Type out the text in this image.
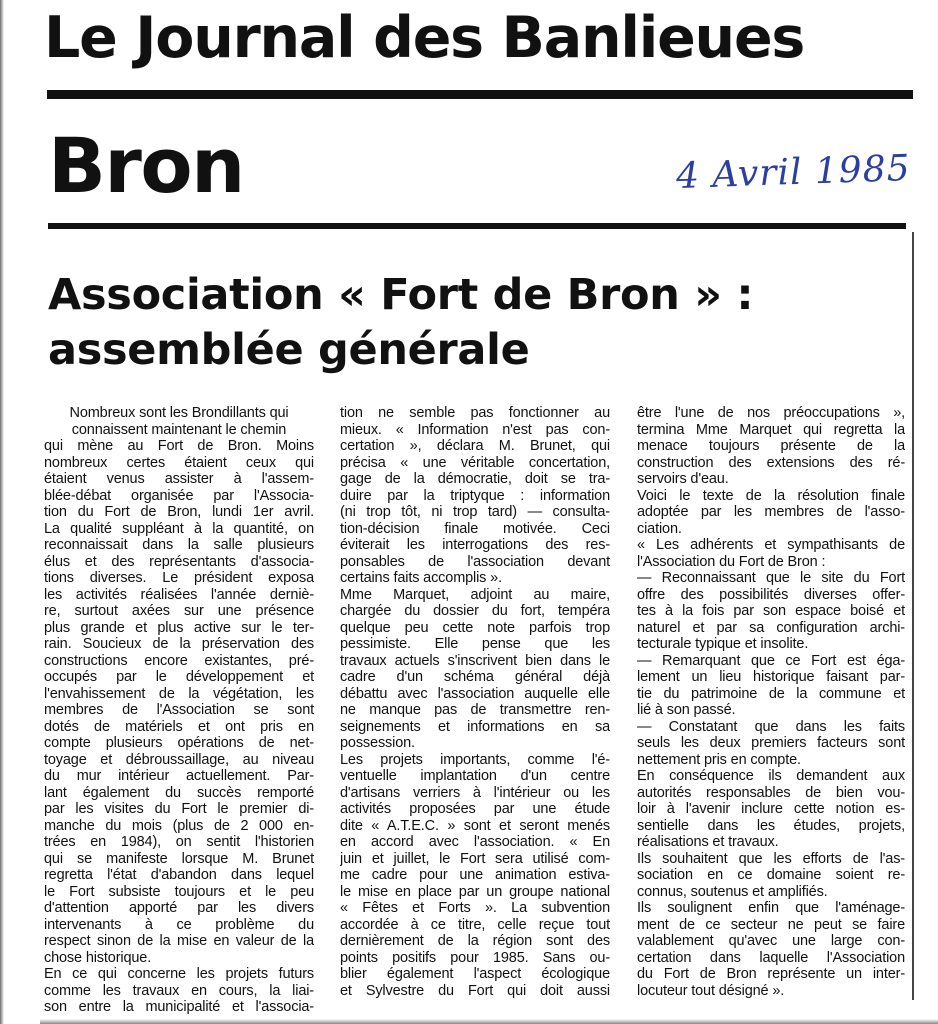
Le Journal des Banlieues
Bron	4 Avril 1985
Association « Fort de Bron » :
assemblée générale
Nombreux sont les Brondillants qui
connaissent maintenant le chemin
qui mène au Fort de Bron. Moins
nombreux certes étaient ceux qui
étaient venus assister à l'assem-
blée-débat organisée par l'Associa-
tion du Fort de Bron, lundi 1er avril.
La qualité suppléant à la quantité, on
reconnaissait dans la salle plusieurs
élus et des représentants d'associa-
tions diverses. Le président exposa
les activités réalisées l'année derniè-
re, surtout axées sur une présence
plus grande et plus active sur le ter-
rain. Soucieux de la préservation des
constructions encore existantes, pré-
occupés par le développement et
l'envahissement de la végétation, les
membres de l'Association se sont
dotés de matériels et ont pris en
compte plusieurs opérations de net-
toyage et débroussaillage, au niveau
du mur intérieur actuellement. Par-
lant également du succès remporté
par les visites du Fort le premier di-
manche du mois (plus de 2 000 en-
trées en 1984), on sentit l'historien
qui se manifeste lorsque M. Brunet
regretta l'état d'abandon dans lequel
le Fort subsiste toujours et le peu
d'attention apporté par les divers
intervenants à ce problème du
respect sinon de la mise en valeur de la
chose historique.
En ce qui concerne les projets futurs
comme les travaux en cours, la liai-
son entre la municipalité et l'associa-
tion ne semble pas fonctionner au
mieux. « Information n'est pas con-
certation », déclara M. Brunet, qui
précisa « une véritable concertation,
gage de la démocratie, doit se tra-
duire par la triptyque : information
(ni trop tôt, ni trop tard) — consulta-
tion-décision finale motivée. Ceci
éviterait les interrogations des res-
ponsables de l'association devant
certains faits accomplis ».
Mme Marquet, adjoint au maire,
chargée du dossier du fort, tempéra
quelque peu cette note parfois trop
pessimiste. Elle pense que les
travaux actuels s'inscrivent bien dans le
cadre d'un schéma général déjà
débattu avec l'association auquelle elle
ne manque pas de transmettre ren-
seignements et informations en sa
possession.
Les projets importants, comme l'é-
ventuelle implantation d'un centre
d'artisans verriers à l'intérieur ou les
activités proposées par une étude
dite « A.T.E.C. » sont et seront menés
en accord avec l'association. « En
juin et juillet, le Fort sera utilisé com-
me cadre pour une animation estiva-
le mise en place par un groupe national
« Fêtes et Forts ». La subvention
accordée à ce titre, celle reçue tout
dernièrement de la région sont des
points positifs pour 1985. Sans ou-
blier également l'aspect écologique
et Sylvestre du Fort qui doit aussi
être l'une de nos préoccupations »,
termina Mme Marquet qui regretta la
menace toujours présente de la
construction des extensions des ré-
servoirs d'eau.
Voici le texte de la résolution finale
adoptée par les membres de l'asso-
ciation.
« Les adhérents et sympathisants de
l'Association du Fort de Bron :
— Reconnaissant que le site du Fort
offre des possibilités diverses offer-
tes à la fois par son espace boisé et
naturel et par sa configuration archi-
tecturale typique et insolite.
— Remarquant que ce Fort est éga-
lement un lieu historique faisant par-
tie du patrimoine de la commune et
lié à son passé.
— Constatant que dans les faits
seuls les deux premiers facteurs sont
nettement pris en compte.
En conséquence ils demandent aux
autorités responsables de bien vou-
loir à l'avenir inclure cette notion es-
sentielle dans les études, projets,
réalisations et travaux.
Ils souhaitent que les efforts de l'as-
sociation en ce domaine soient re-
connus, soutenus et amplifiés.
Ils soulignent enfin que l'aménage-
ment de ce secteur ne peut se faire
valablement qu'avec une large con-
certation dans laquelle l'Association
du Fort de Bron représente un inter-
locuteur tout désigné ».
